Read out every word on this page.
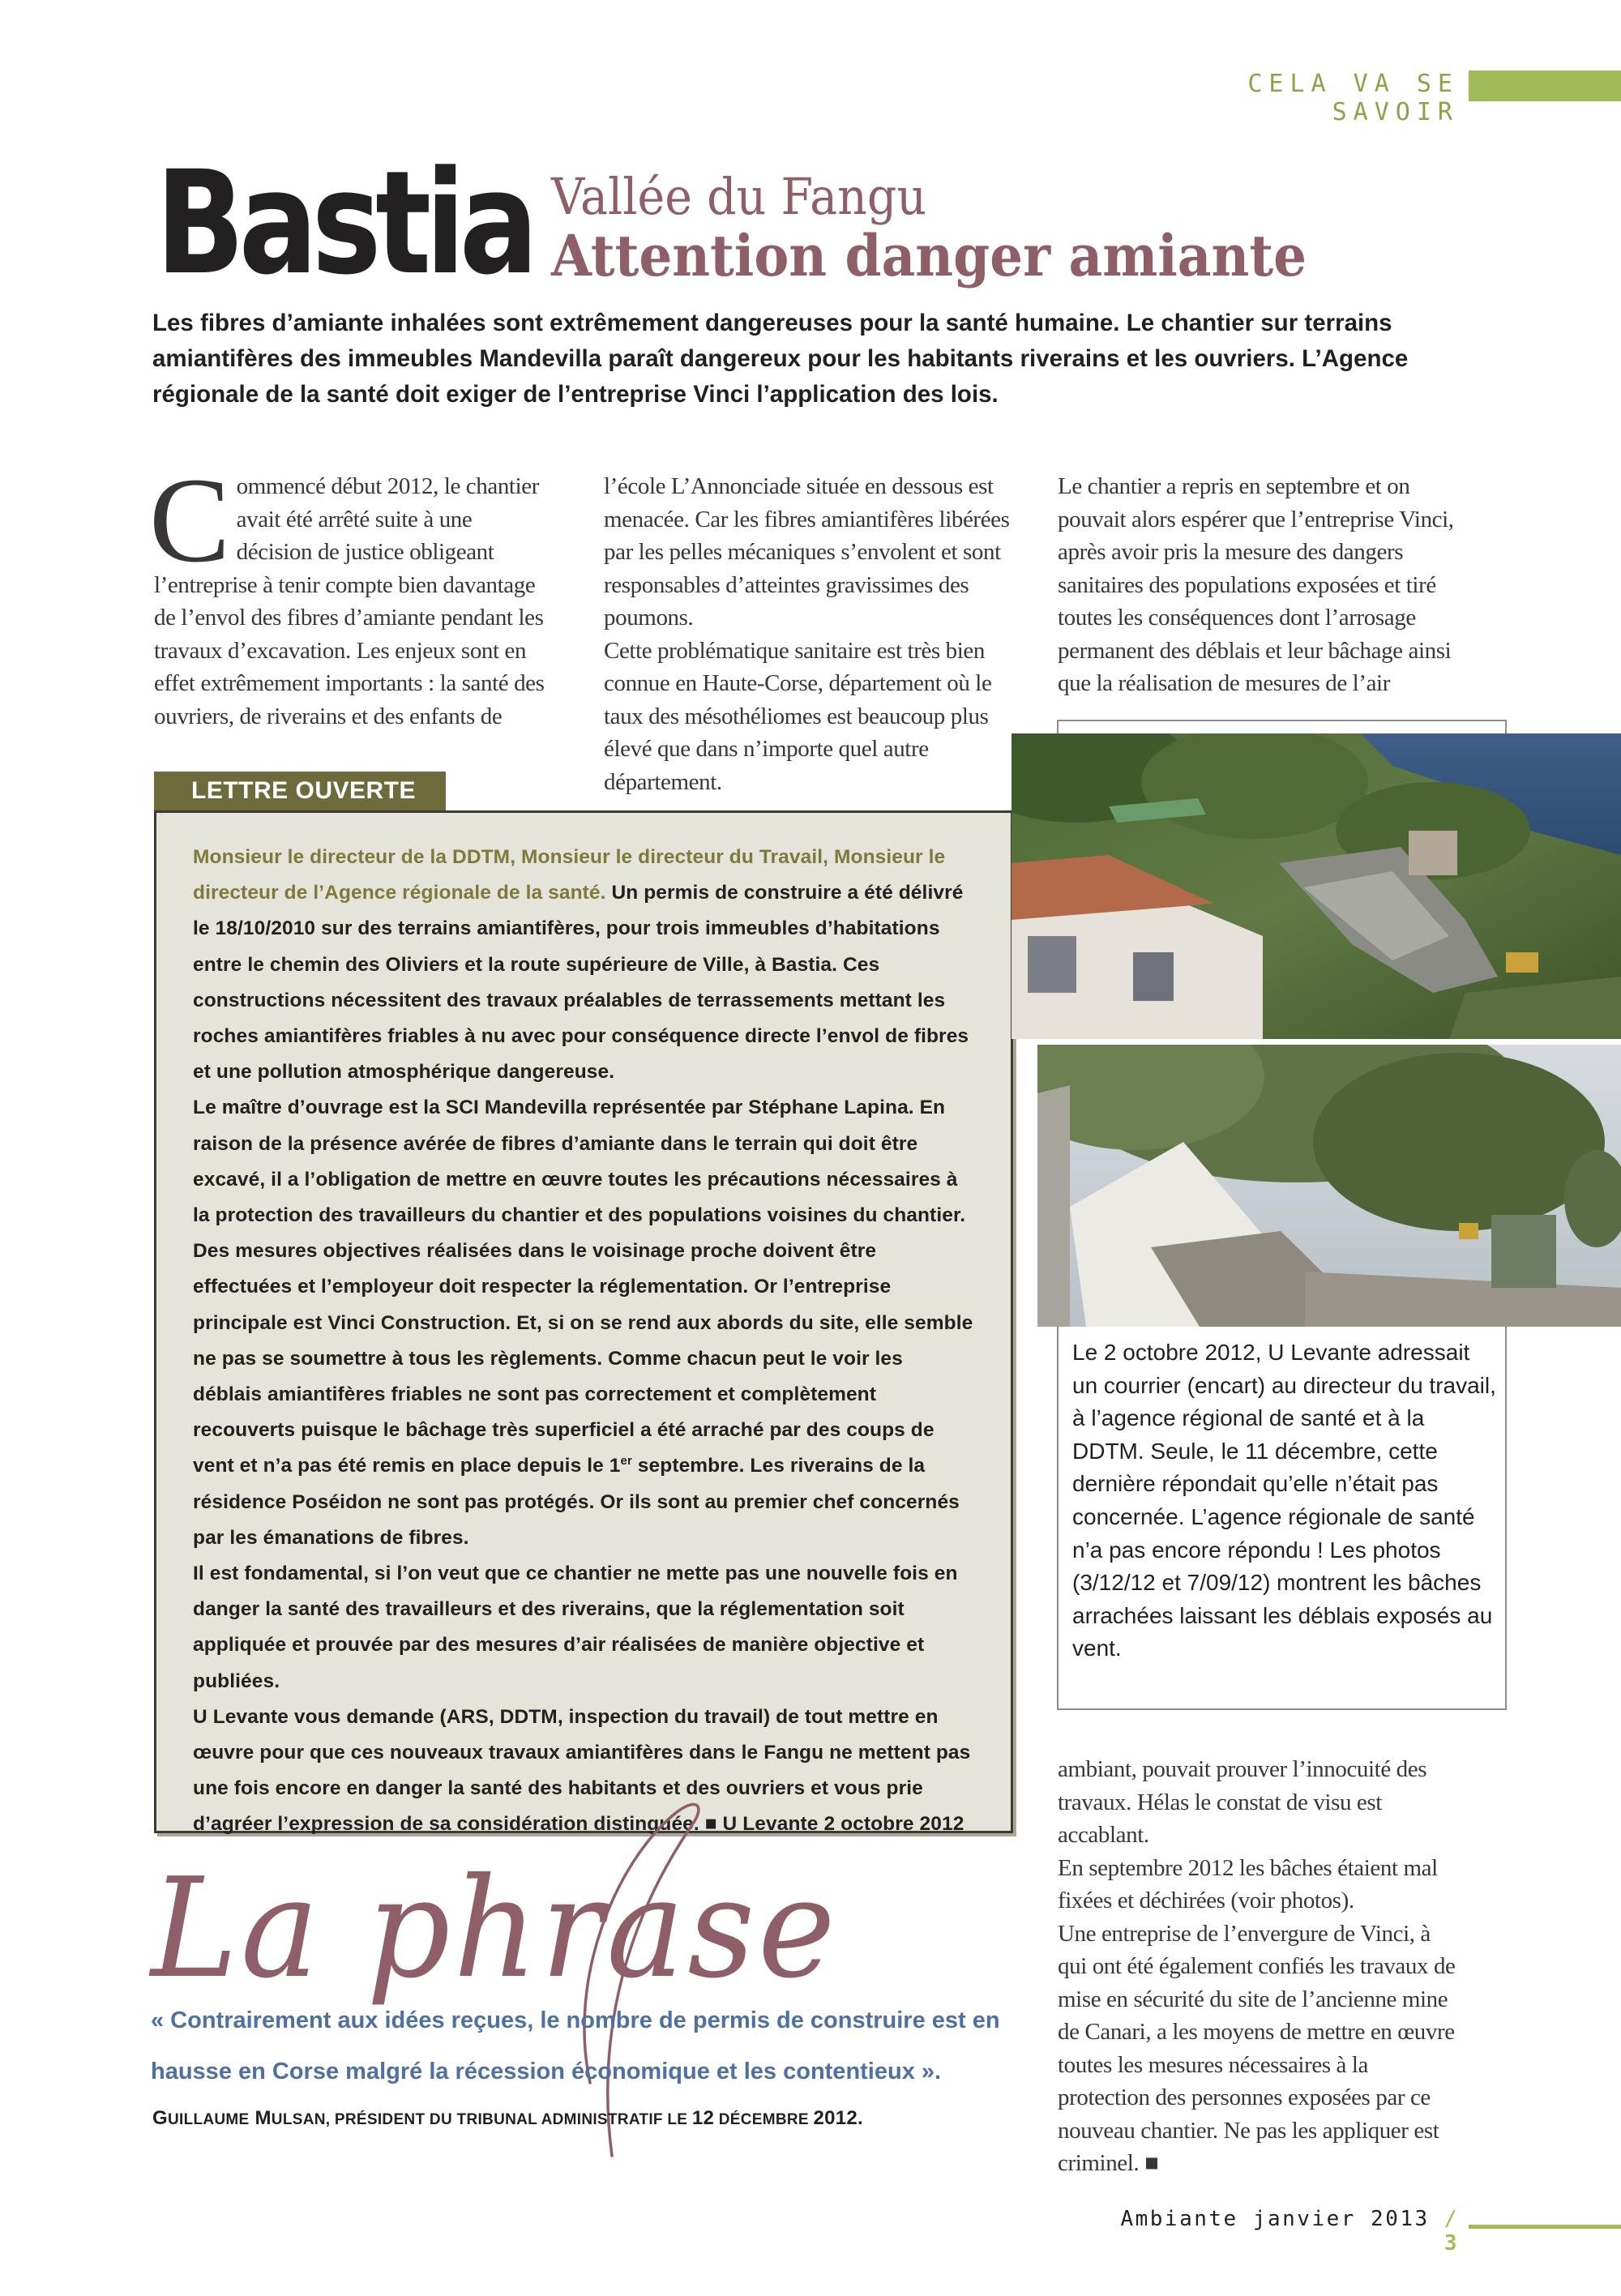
CELA VA SE SAVOIR
Bastia Vallée du Fangu
Attention danger amiante
Les fibres d’amiante inhalées sont extrêmement dangereuses pour la santé humaine. Le chantier sur terrains amiantifères des immeubles Mandevilla paraît dangereux pour les habitants riverains et les ouvriers. L’Agence régionale de la santé doit exiger de l’entreprise Vinci l’application des lois.
Commencé début 2012, le chantier avait été arrêté suite à une décision de justice obligeant l’entreprise à tenir compte bien davantage de l’envol des fibres d’amiante pendant les travaux d’excavation. Les enjeux sont en effet extrêmement importants : la santé des ouvriers, de riverains et des enfants de

l’école L’Annonciade située en dessous est menacée. Car les fibres amiantifères libérées par les pelles mécaniques s’envolent et sont responsables d’atteintes gravissimes des poumons.

Cette problématique sanitaire est très bien connue en Haute-Corse, département où le taux des mésothéliomes est beaucoup plus élevé que dans n’importe quel autre département.

Le chantier a repris en septembre et on pouvait alors espérer que l’entreprise Vinci, après avoir pris la mesure des dangers sanitaires des populations exposées et tiré toutes les conséquences dont l’arrosage permanent des déblais et leur bâchage ainsi que la réalisation de mesures de l’air

ambiant, pouvait prouver l’innocuité des travaux. Hélas le constat de visu est accablant.

En septembre 2012 les bâches étaient mal fixées et déchirées (voir photos).

Une entreprise de l’envergure de Vinci, à qui ont été également confiés les travaux de mise en sécurité du site de l’ancienne mine de Canari, a les moyens de mettre en œuvre toutes les mesures nécessaires à la protection des personnes exposées par ce nouveau chantier. Ne pas les appliquer est criminel. ■

LETTRE OUVERTE

Monsieur le directeur de la DDTM, Monsieur le directeur du Travail, Monsieur le directeur de l’Agence régionale de la santé. Un permis de construire a été délivré le 18/10/2010 sur des terrains amiantifères, pour trois immeubles d’habitations entre le chemin des Oliviers et la route supérieure de Ville, à Bastia. Ces constructions nécessitent des travaux préalables de terrassements mettant les roches amiantifères friables à nu avec pour conséquence directe l’envol de fibres et une pollution atmosphérique dangereuse.

Le maître d’ouvrage est la SCI Mandevilla représentée par Stéphane Lapina. En raison de la présence avérée de fibres d’amiante dans le terrain qui doit être excavé, il a l’obligation de mettre en œuvre toutes les précautions nécessaires à la protection des travailleurs du chantier et des populations voisines du chantier. Des mesures objectives réalisées dans le voisinage proche doivent être effectuées et l’employeur doit respecter la réglementation. Or l’entreprise principale est Vinci Construction. Et, si on se rend aux abords du site, elle semble ne pas se soumettre à tous les règlements. Comme chacun peut le voir les déblais amiantifères friables ne sont pas correctement et complètement recouverts puisque le bâchage très superficiel a été arraché par des coups de vent et n’a pas été remis en place depuis le 1er septembre. Les riverains de la résidence Poséidon ne sont pas protégés. Or ils sont au premier chef concernés par les émanations de fibres.

Il est fondamental, si l’on veut que ce chantier ne mette pas une nouvelle fois en danger la santé des travailleurs et des riverains, que la réglementation soit appliquée et prouvée par des mesures d’air réalisées de manière objective et publiées.

U Levante vous demande (ARS, DDTM, inspection du travail) de tout mettre en œuvre pour que ces nouveaux travaux amiantifères dans le Fangu ne mettent pas une fois encore en danger la santé des habitants et des ouvriers et vous prie d’agréer l’expression de sa considération distinguée. ■ U Levante 2 octobre 2012

Le 2 octobre 2012, U Levante adressait un courrier (encart) au directeur du travail, à l’agence régional de santé et à la DDTM. Seule, le 11 décembre, cette dernière répondait qu’elle n’était pas concernée. L’agence régionale de santé n’a pas encore répondu ! Les photos (3/12/12 et 7/09/12) montrent les bâches arrachées laissant les déblais exposés au vent.
La phrase
« Contrairement aux idées reçues, le nombre de permis de construire est en hausse en Corse malgré la récession économique et les contentieux ».
GUILLAUME MULSAN, PRÉSIDENT DU TRIBUNAL ADMINISTRATIF LE 12 DÉCEMBRE 2012.
Ambiante janvier 2013 / 3
